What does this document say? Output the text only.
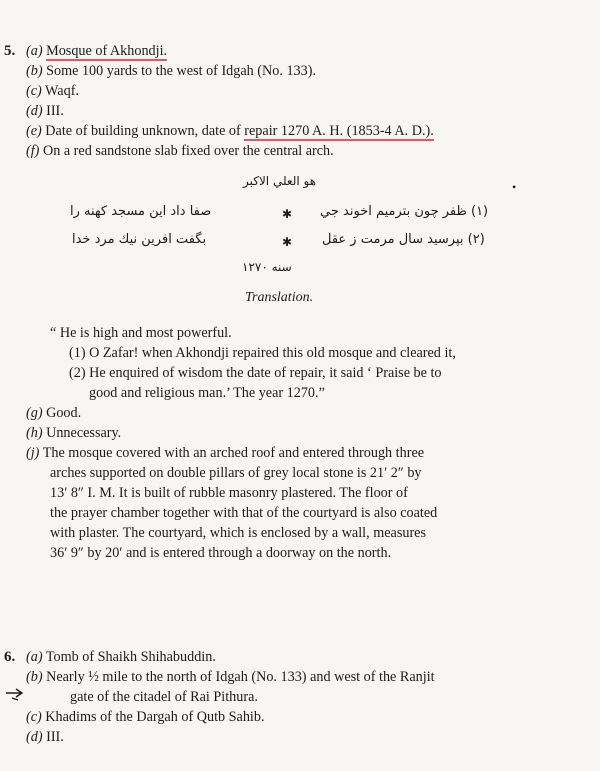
5. (a) Mosque of Akhondji.
(b) Some 100 yards to the west of Idgah (No. 133).
(c) Waqf.
(d) III.
(e) Date of building unknown, date of repair 1270 A. H. (1853-4 A. D.).
(f) On a red sandstone slab fixed over the central arch.
هو العلي الاكبر	•
(۱) ظفر چون بترميم اخوند جي
✱
صفا داد اين مسجد كهنه را
(۲) بپرسيد سال مرمت ز عقل
✱
بگفت افرين نيك مرد خدا
سنه ۱۲۷۰
Translation.
“ He is high and most powerful.
(1) O Zafar! when Akhondji repaired this old mosque and cleared it,
(2) He enquired of wisdom the date of repair, it said ‘ Praise be to
good and religious man.’ The year 1270.”
(g) Good.
(h) Unnecessary.
(j) The mosque covered with an arched roof and entered through three
arches supported on double pillars of grey local stone is 21′ 2″ by
13′ 8″ I. M. It is built of rubble masonry plastered. The floor of
the prayer chamber together with that of the courtyard is also coated
with plaster. The courtyard, which is enclosed by a wall, measures
36′ 9″ by 20′ and is entered through a doorway on the north.
6. (a) Tomb of Shaikh Shihabuddin.
(b) Nearly ½ mile to the north of Idgah (No. 133) and west of the Ranjit
gate of the citadel of Rai Pithura.
(c) Khadims of the Dargah of Qutb Sahib.
(d) III.
